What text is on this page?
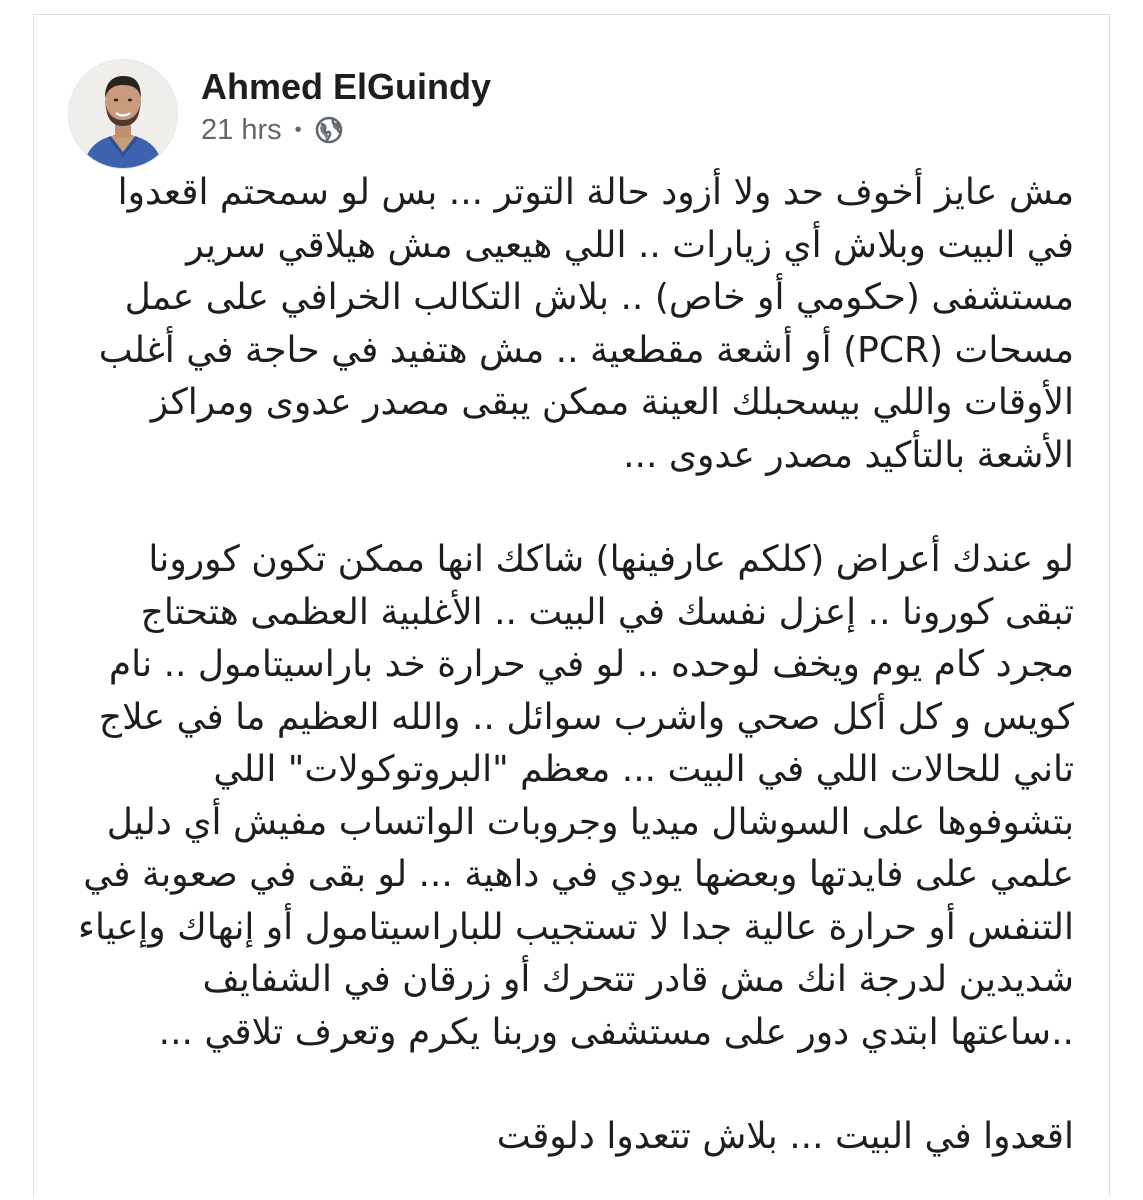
Ahmed ElGuindy
21 hrs •

مش عايز أخوف حد ولا أزود حالة التوتر ... بس لو سمحتم اقعدوا في البيت وبلاش أي زيارات .. اللي هيعيى مش هيلاقي سرير مستشفى (حكومي أو خاص) .. بلاش التكالب الخرافي على عمل مسحات (PCR) أو أشعة مقطعية .. مش هتفيد في حاجة في أغلب الأوقات واللي بيسحبلك العينة ممكن يبقى مصدر عدوى ومراكز الأشعة بالتأكيد مصدر عدوى ...

لو عندك أعراض (كلكم عارفينها) شاكك انها ممكن تكون كورونا تبقى كورونا .. إعزل نفسك في البيت .. الأغلبية العظمى هتحتاج مجرد كام يوم ويخف لوحده .. لو في حرارة خد باراسيتامول .. نام كويس و كل أكل صحي واشرب سوائل .. والله العظيم ما في علاج تاني للحالات اللي في البيت ... معظم "البروتوكولات" اللي بتشوفوها على السوشال ميديا وجروبات الواتساب مفيش أي دليل علمي على فايدتها وبعضها يودي في داهية ... لو بقى في صعوبة في التنفس أو حرارة عالية جدا لا تستجيب للباراسيتامول أو إنهاك وإعياء شديدين لدرجة انك مش قادر تتحرك أو زرقان في الشفايف ..ساعتها ابتدي دور على مستشفى وربنا يكرم وتعرف تلاقي ...

اقعدوا في البيت ... بلاش تتعدوا دلوقت
